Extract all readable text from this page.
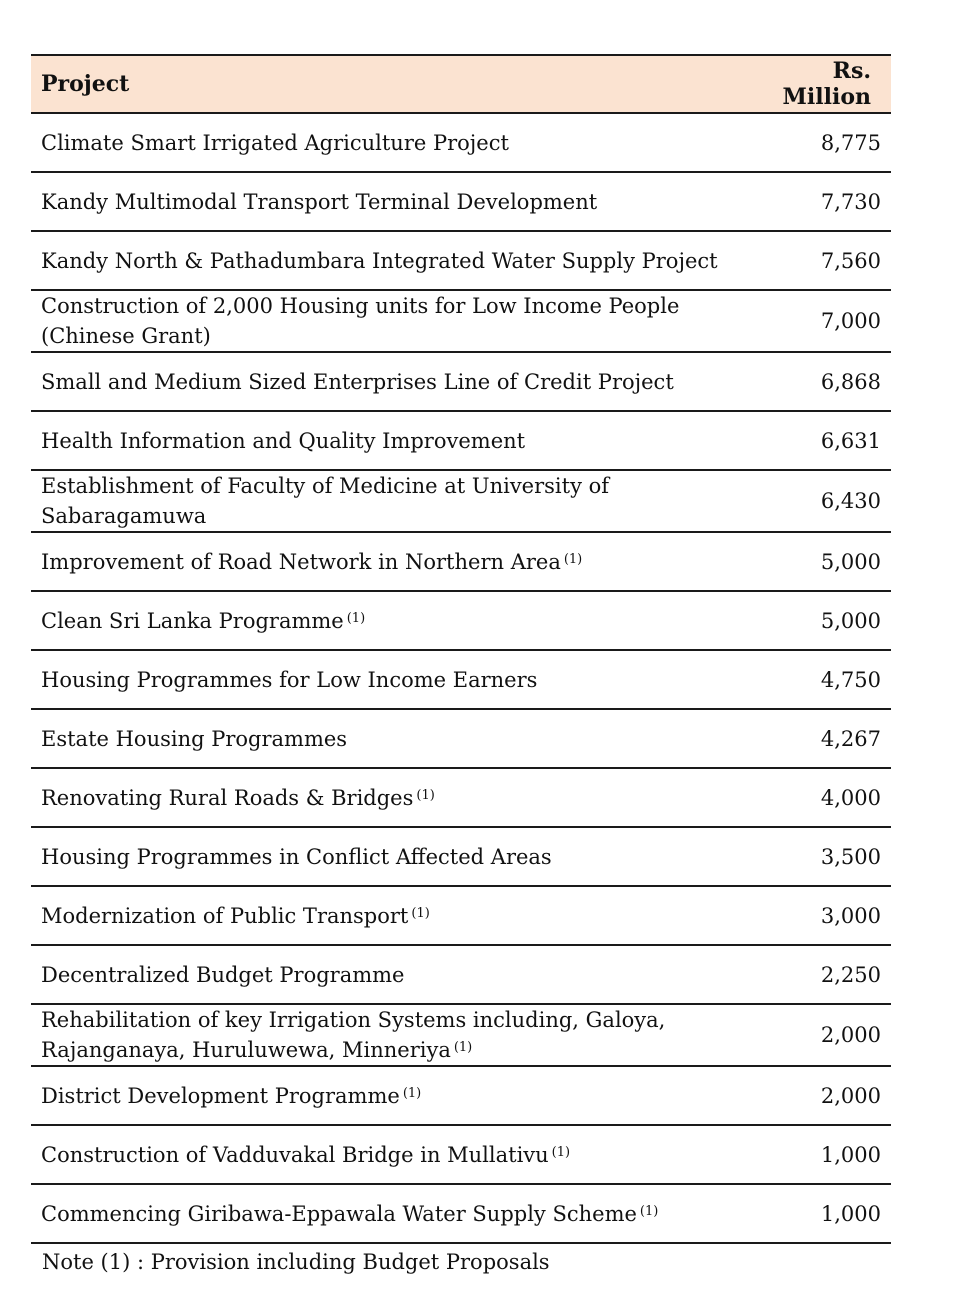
Project	Rs. Million
Climate Smart Irrigated Agriculture Project	8,775
Kandy Multimodal Transport Terminal Development	7,730
Kandy North & Pathadumbara Integrated Water Supply Project	7,560
Construction of 2,000 Housing units for Low Income People (Chinese Grant)	7,000
Small and Medium Sized Enterprises Line of Credit Project	6,868
Health Information and Quality Improvement	6,631
Establishment of Faculty of Medicine at University of Sabaragamuwa	6,430
Improvement of Road Network in Northern Area $^{(1)}$	5,000
Clean Sri Lanka Programme $^{(1)}$	5,000
Housing Programmes for Low Income Earners	4,750
Estate Housing Programmes	4,267
Renovating Rural Roads & Bridges $^{(1)}$	4,000
Housing Programmes in Conflict Affected Areas	3,500
Modernization of Public Transport $^{(1)}$	3,000
Decentralized Budget Programme	2,250
Rehabilitation of key Irrigation Systems including, Galoya, Rajanganaya, Huruluwewa, Minneriya $^{(1)}$	2,000
District Development Programme $^{(1)}$	2,000
Construction of Vadduvakal Bridge in Mullativu $^{(1)}$	1,000
Commencing Giribawa-Eppawala Water Supply Scheme $^{(1)}$	1,000
Note (1) : Provision including Budget Proposals
